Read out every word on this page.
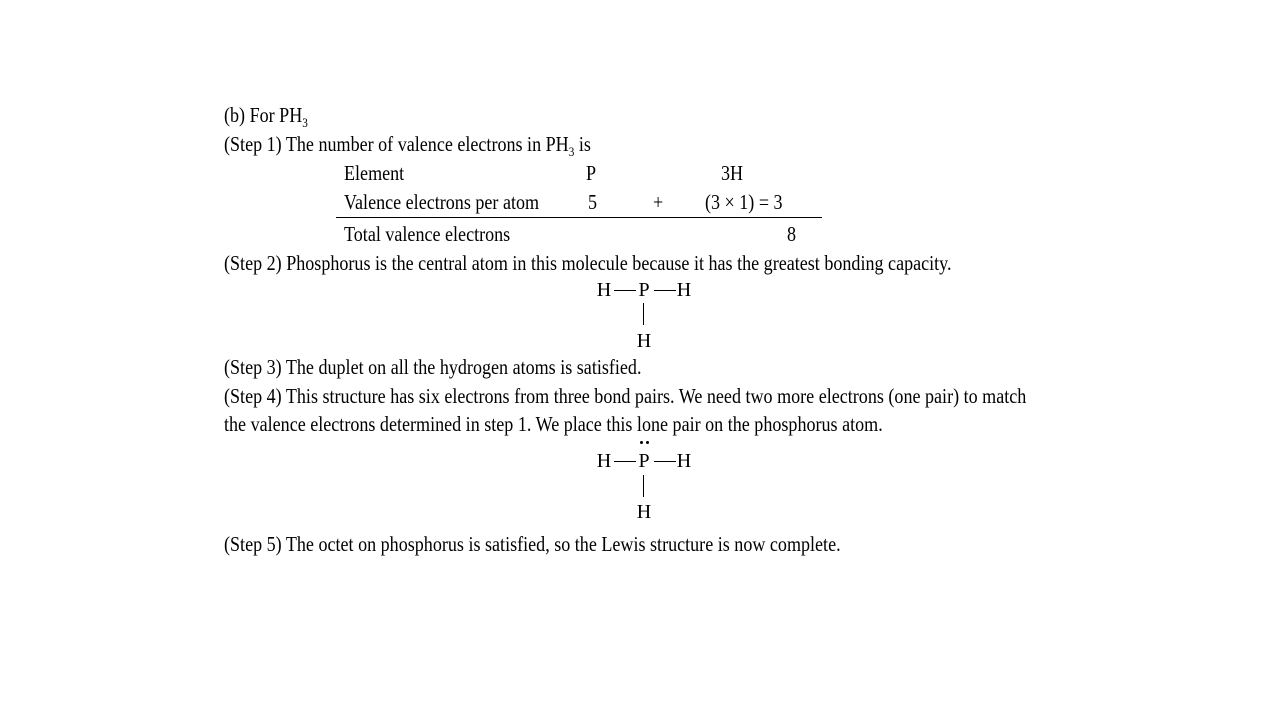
(b) For $PH_3$
(Step 1) The number of valence electrons in $PH_3$ is
Element	P	3H
Valence electrons per atom 5	+ (3 × 1) = 3
Total valence electrons	8
(Step 2) Phosphorus is the central atom in this molecule because it has the greatest bonding capacity.
H P H
H
(Step 3) The duplet on all the hydrogen atoms is satisfied.
(Step 4) This structure has six electrons from three bond pairs. We need two more electrons (one pair) to match
the valence electrons determined in step 1. We place this lone pair on the phosphorus atom.
H P H
H
(Step 5) The octet on phosphorus is satisfied, so the Lewis structure is now complete.
